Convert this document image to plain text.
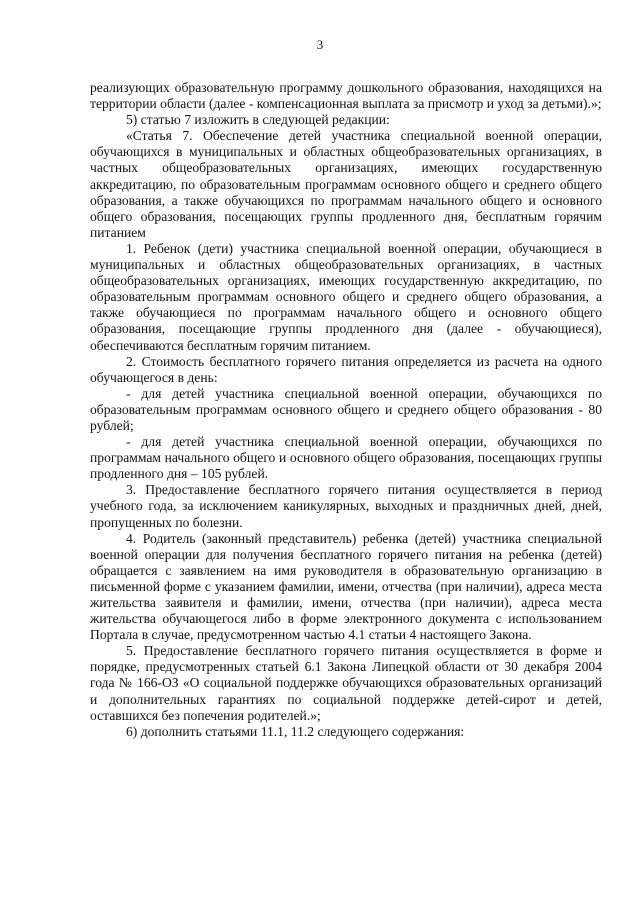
3

реализующих образовательную программу дошкольного образования, находящихся на территории области (далее - компенсационная выплата за присмотр и уход за детьми).»;

5) статью 7 изложить в следующей редакции:

«Статья 7. Обеспечение детей участника специальной военной операции, обучающихся в муниципальных и областных общеобразовательных организациях, в частных общеобразовательных организациях, имеющих государственную аккредитацию, по образовательным программам основного общего и среднего общего образования, а также обучающихся по программам начального общего и основного общего образования, посещающих группы продленного дня, бесплатным горячим питанием

1. Ребенок (дети) участника специальной военной операции, обучающиеся в муниципальных и областных общеобразовательных организациях, в частных общеобразовательных организациях, имеющих государственную аккредитацию, по образовательным программам основного общего и среднего общего образования, а также обучающиеся по программам начального общего и основного общего образования, посещающие группы продленного дня (далее - обучающиеся), обеспечиваются бесплатным горячим питанием.

2. Стоимость бесплатного горячего питания определяется из расчета на одного обучающегося в день:

- для детей участника специальной военной операции, обучающихся по образовательным программам основного общего и среднего общего образования - 80 рублей;

- для детей участника специальной военной операции, обучающихся по программам начального общего и основного общего образования, посещающих группы продленного дня – 105 рублей.

3. Предоставление бесплатного горячего питания осуществляется в период учебного года, за исключением каникулярных, выходных и праздничных дней, дней, пропущенных по болезни.

4. Родитель (законный представитель) ребенка (детей) участника специальной военной операции для получения бесплатного горячего питания на ребенка (детей) обращается с заявлением на имя руководителя в образовательную организацию в письменной форме с указанием фамилии, имени, отчества (при наличии), адреса места жительства заявителя и фамилии, имени, отчества (при наличии), адреса места жительства обучающегося либо в форме электронного документа с использованием Портала в случае, предусмотренном частью 4.1 статьи 4 настоящего Закона.

5. Предоставление бесплатного горячего питания осуществляется в форме и порядке, предусмотренных статьей 6.1 Закона Липецкой области от 30 декабря 2004 года № 166-ОЗ «О социальной поддержке обучающихся образовательных организаций и дополнительных гарантиях по социальной поддержке детей-сирот и детей, оставшихся без попечения родителей.»;

6) дополнить статьями 11.1, 11.2 следующего содержания:
